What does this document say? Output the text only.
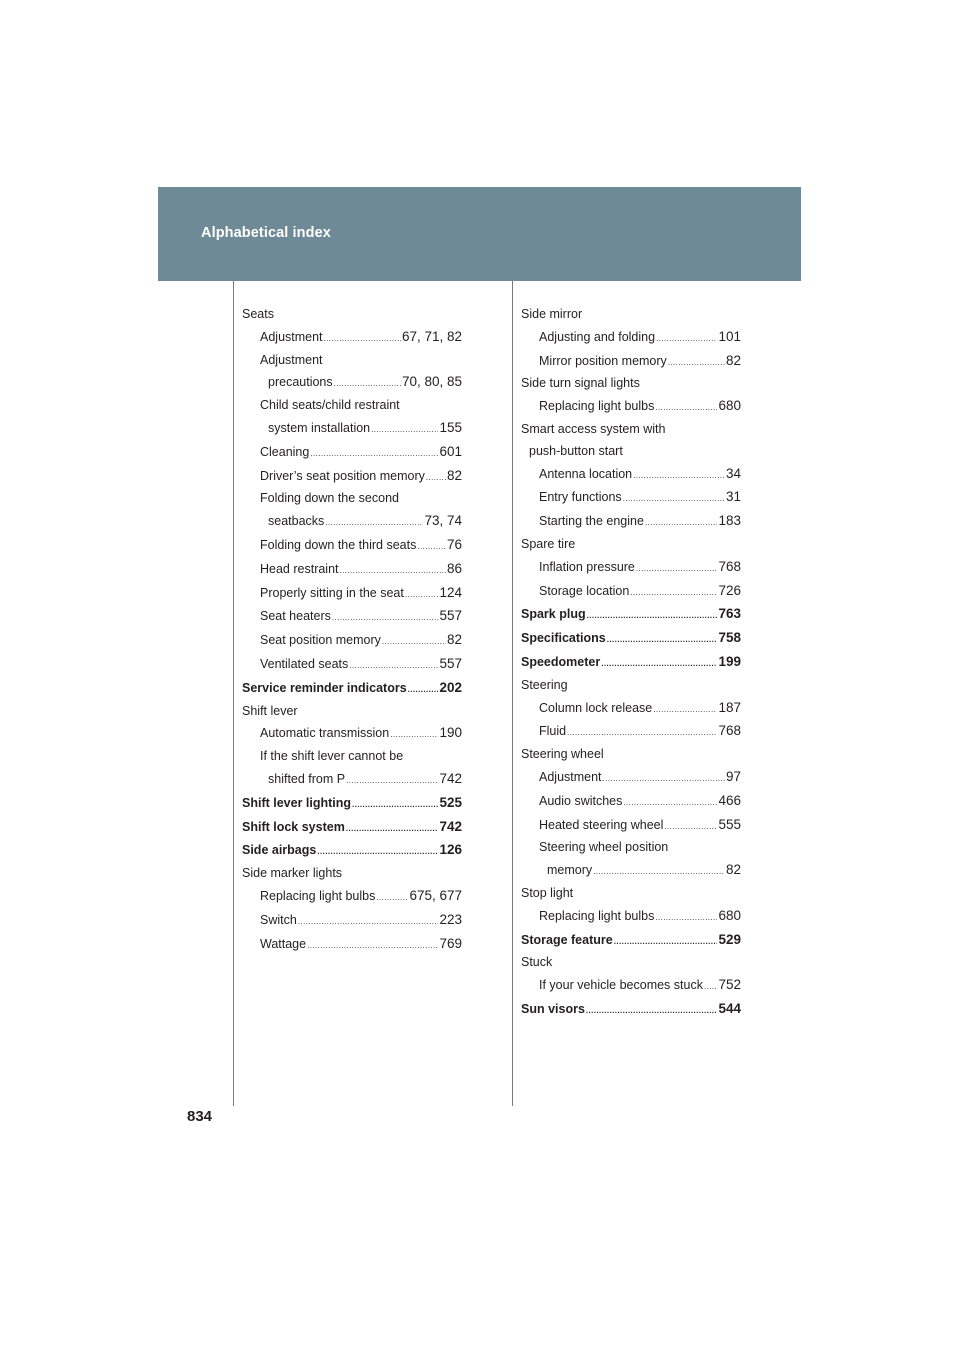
Alphabetical index
Seats
Adjustment .....	67, 71, 82
Adjustment
precautions .....	70, 80, 85
Child seats/child restraint
system installation .....	155
Cleaning .....	601
Driver’s seat position memory ..... 82
Folding down the second
seatbacks .....	73, 74
Folding down the third seats ..... 76
Head restraint .....	86
Properly sitting in the seat .....	124
Seat heaters .....	557
Seat position memory .....	82
Ventilated seats .....	557
Service reminder indicators ..... 202
Shift lever
Automatic transmission .....	190
If the shift lever cannot be
shifted from P .....	742
Shift lever lighting .....	525
Shift lock system .....	742
Side airbags .....	126
Side marker lights
Replacing light bulbs .....	675, 677
Switch .....	223
Wattage .....	769
Side mirror
Adjusting and folding .....	101
Mirror position memory .....	82
Side turn signal lights
Replacing light bulbs .....	680
Smart access system with
push-button start
Antenna location .....	34
Entry functions .....	31
Starting the engine .....	183
Spare tire
Inflation pressure .....	768
Storage location .....	726
Spark plug .....	763
Specifications .....	758
Speedometer .....	199
Steering
Column lock release .....	187
Fluid .....	768
Steering wheel
Adjustment .....	97
Audio switches .....	466
Heated steering wheel .....	555
Steering wheel position
memory .....	82
Stop light
Replacing light bulbs .....	680
Storage feature .....	529
Stuck
If your vehicle becomes stuck ..... 752
Sun visors .....	544
834
